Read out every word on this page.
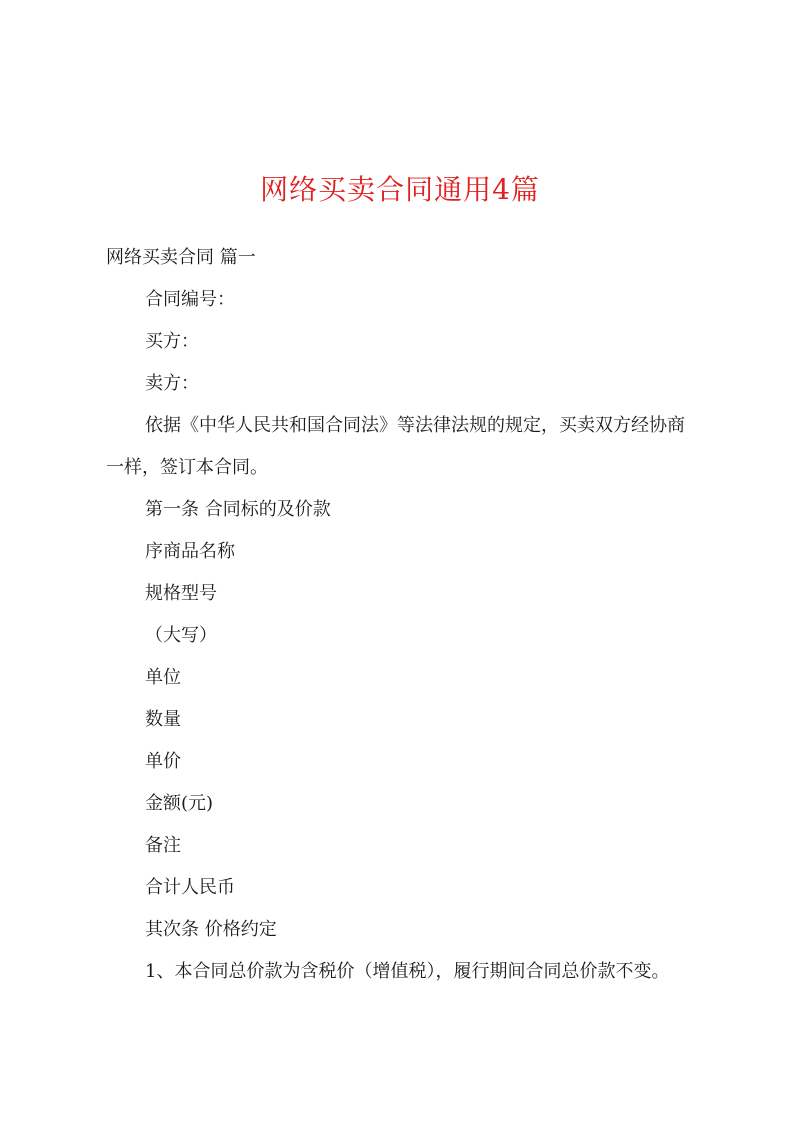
网络买卖合同通用4篇

网络买卖合同 篇一

合同编号：

买方：

卖方：

依据《中华人民共和国合同法》等法律法规的规定，买卖双方经协商

一样，签订本合同。

第一条 合同标的及价款

序商品名称

规格型号

（大写）

单位

数量

单价

金额(元)

备注

合计人民币

其次条 价格约定

1、本合同总价款为含税价（增值税），履行期间合同总价款不变。
